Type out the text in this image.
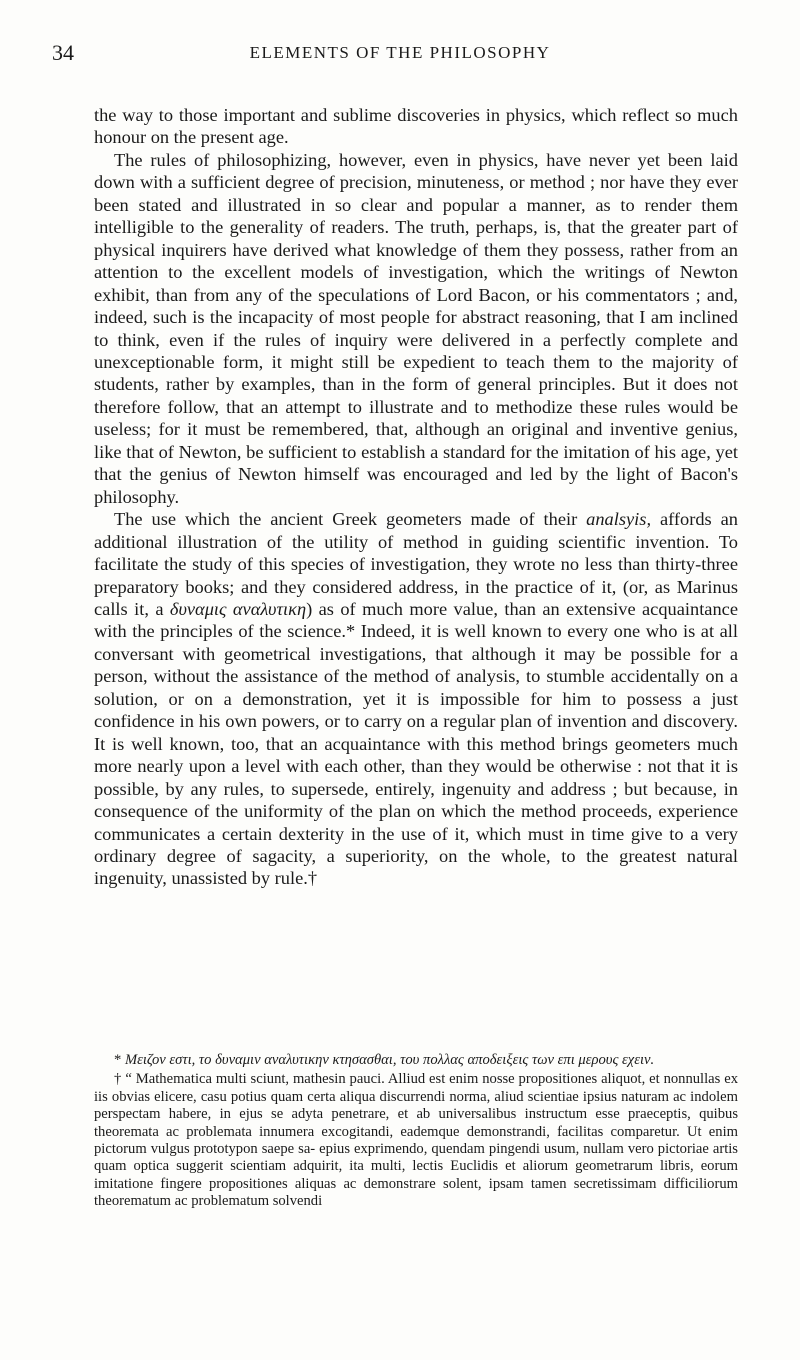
34	ELEMENTS OF THE PHILOSOPHY

the way to those important and sublime discoveries in physics, which reflect so much honour on the present age.

The rules of philosophizing, however, even in physics, have never yet been laid down with a sufficient degree of precision, minuteness, or method ; nor have they ever been stated and illustrated in so clear and popular a manner, as to render them intelligible to the generality of readers. The truth, perhaps, is, that the greater part of physical inquirers have derived what knowledge of them they possess, rather from an attention to the excellent models of investigation, which the writings of Newton exhibit, than from any of the speculations of Lord Bacon, or his commentators ; and, indeed, such is the incapacity of most people for abstract reasoning, that I am inclined to think, even if the rules of inquiry were delivered in a perfectly complete and unexceptionable form, it might still be expedient to teach them to the majority of students, rather by examples, than in the form of general principles. But it does not therefore follow, that an attempt to illustrate and to methodize these rules would be useless; for it must be remembered, that, although an original and inventive genius, like that of Newton, be sufficient to establish a standard for the imitation of his age, yet that the genius of Newton himself was encouraged and led by the light of Bacon's philosophy.

The use which the ancient Greek geometers made of their analsyis, affords an additional illustration of the utility of method in guiding scientific invention. To facilitate the study of this species of investigation, they wrote no less than thirty-three preparatory books; and they considered address, in the practice of it, (or, as Marinus calls it, a δυναμις αναλυτικη) as of much more value, than an extensive acquaintance with the principles of the science.* Indeed, it is well known to every one who is at all conversant with geometrical investigations, that although it may be possible for a person, without the assistance of the method of analysis, to stumble accidentally on a solution, or on a demonstration, yet it is impossible for him to possess a just confidence in his own powers, or to carry on a regular plan of invention and discovery. It is well known, too, that an acquaintance with this method brings geometers much more nearly upon a level with each other, than they would be otherwise : not that it is possible, by any rules, to supersede, entirely, ingenuity and address ; but because, in consequence of the uniformity of the plan on which the method proceeds, experience communicates a certain dexterity in the use of it, which must in time give to a very ordinary degree of sagacity, a superiority, on the whole, to the greatest natural ingenuity, unassisted by rule.†

* Μειζον εστι, το δυναμιν αναλυτικην κτησασθαι, του πολλας αποδειξεις των επι μερους εχειν.

† “ Mathematica multi sciunt, mathesin pauci. Alliud est enim nosse propositiones aliquot, et nonnullas ex iis obvias elicere, casu potius quam certa aliqua discurrendi norma, aliud scientiae ipsius naturam ac indolem perspectam habere, in ejus se adyta penetrare, et ab universalibus instructum esse praeceptis, quibus theoremata ac problemata innumera excogitandi, eademque demonstrandi, facilitas comparetur. Ut enim pictorum vulgus prototypon saepe sa- epius exprimendo, quendam pingendi usum, nullam vero pictoriae artis quam optica suggerit scientiam adquirit, ita multi, lectis Euclidis et aliorum geometrarum libris, eorum imitatione fingere propositiones aliquas ac demonstrare solent, ipsam tamen secretissimam difficiliorum theorematum ac problematum solvendi
